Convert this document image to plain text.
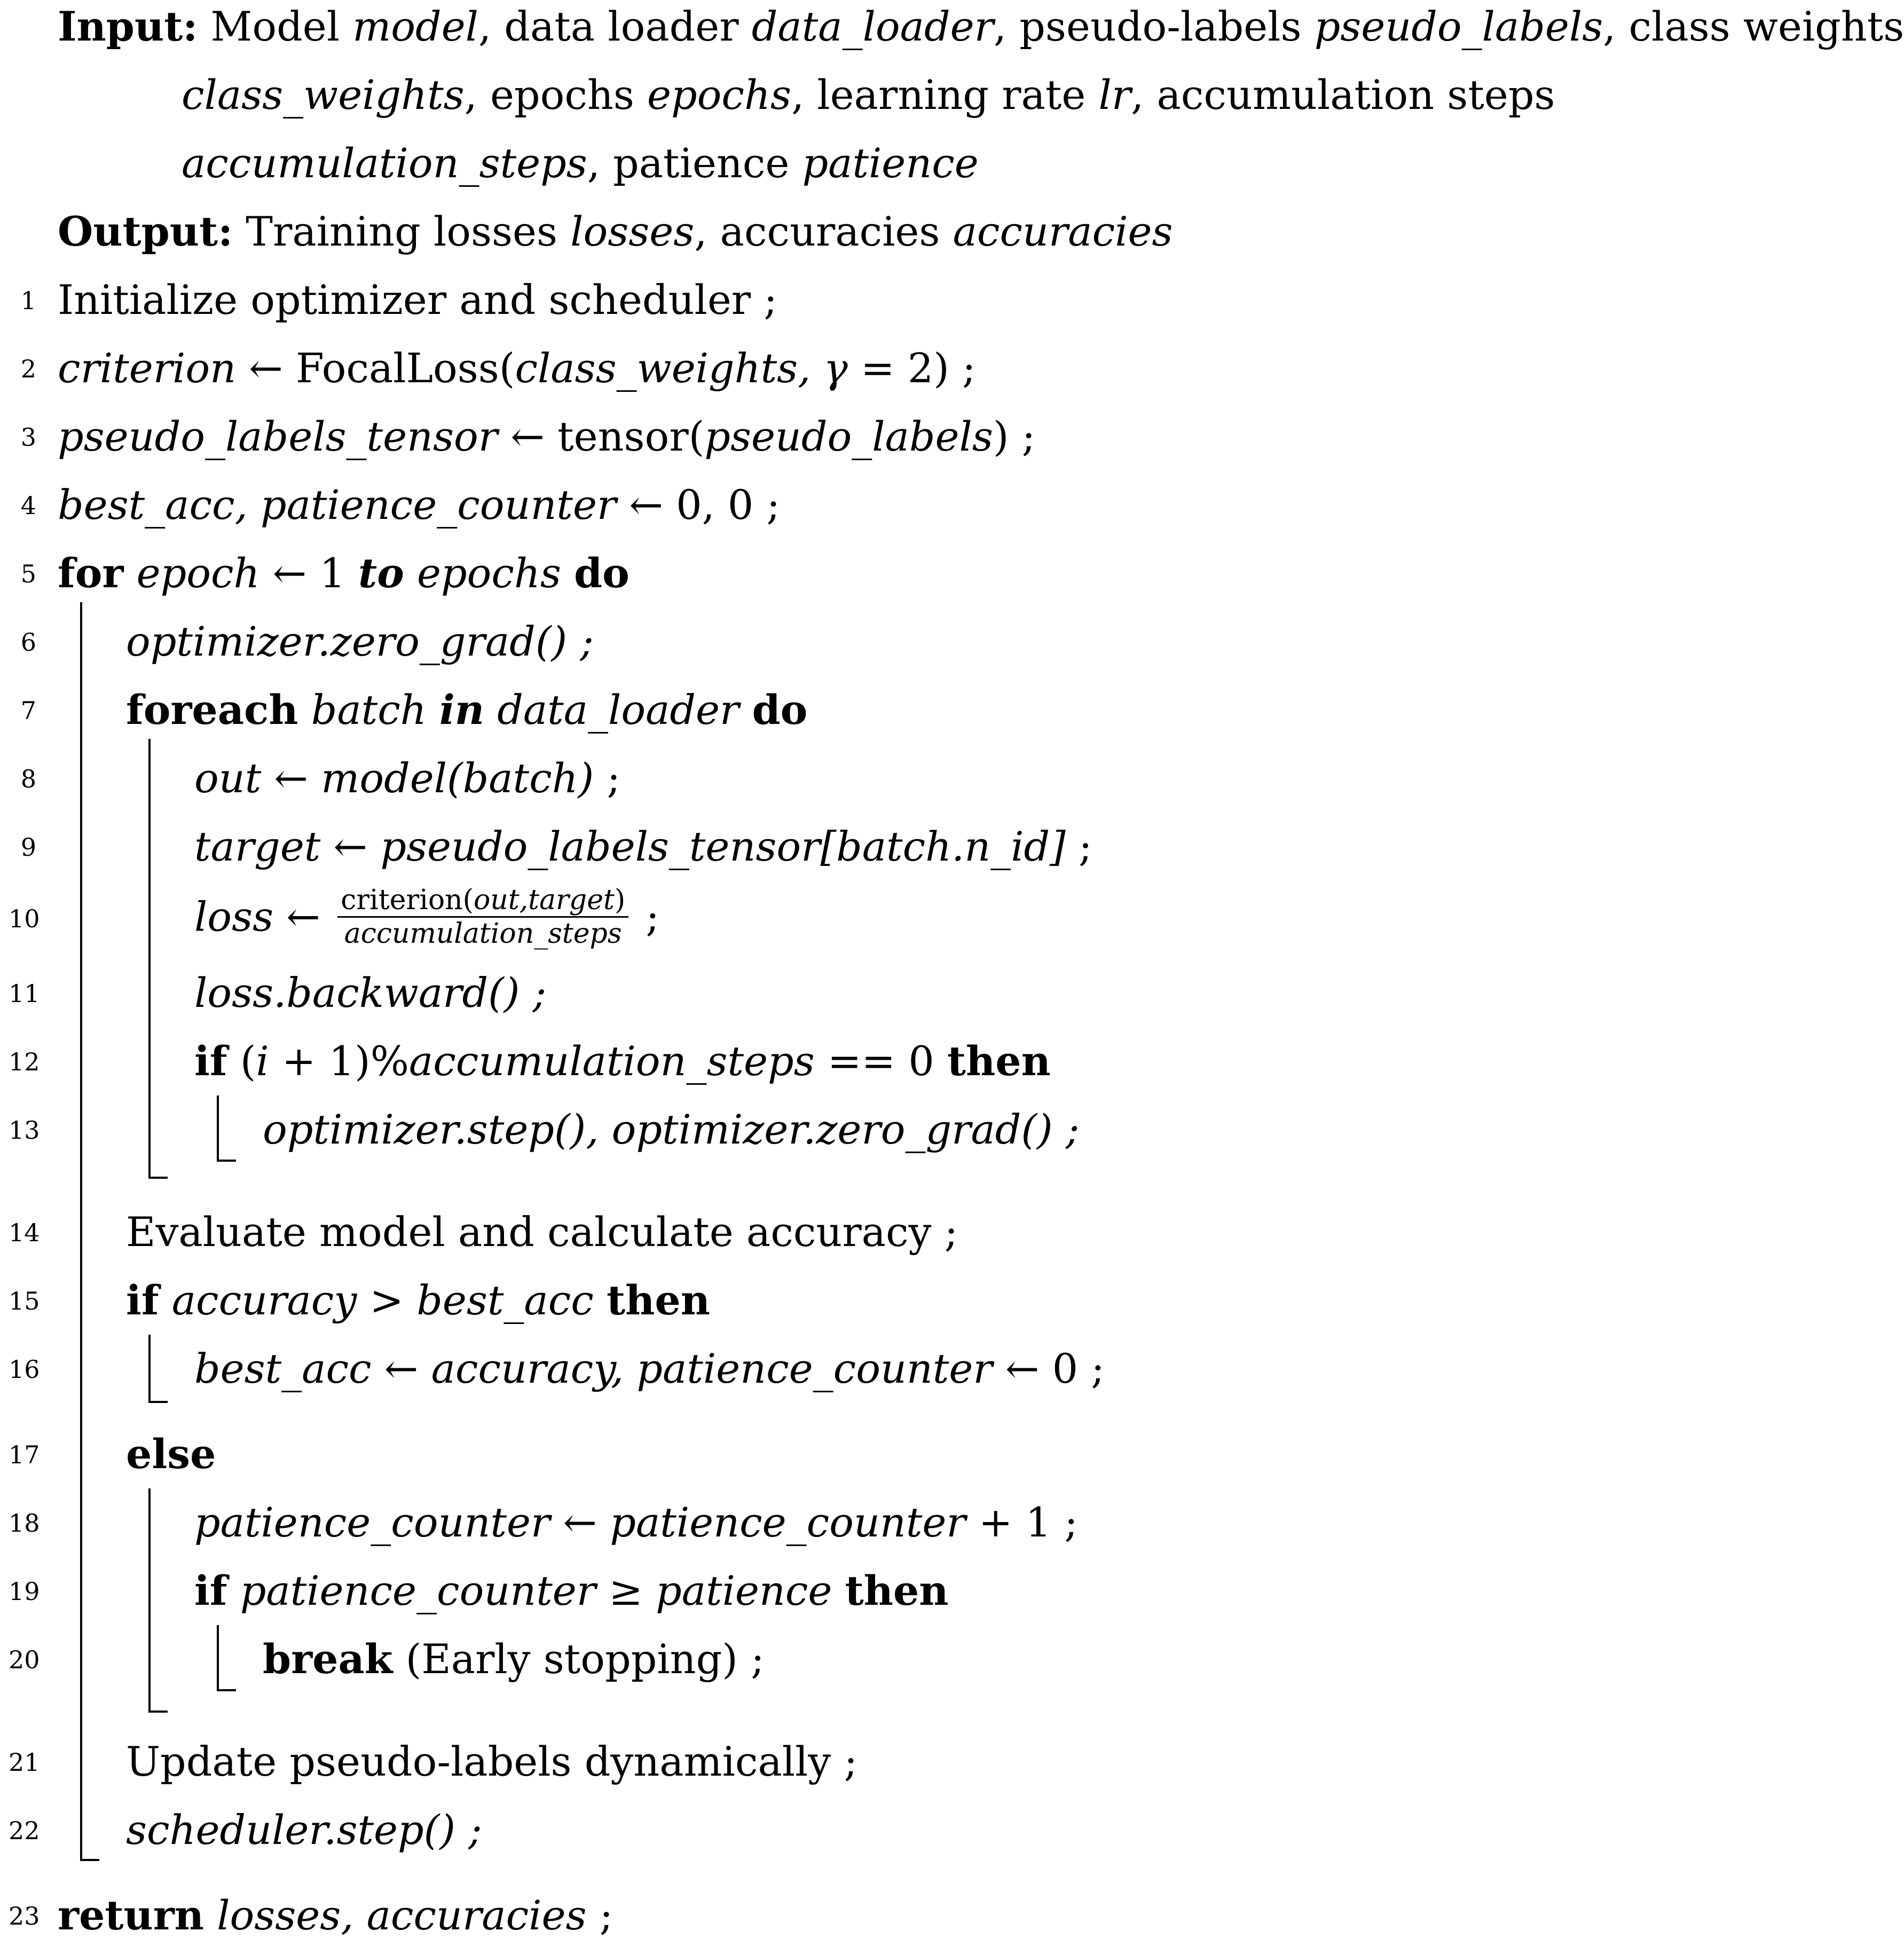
Input: Model model, data loader data_loader, pseudo-labels pseudo_labels, class weights
class_weights, epochs epochs, learning rate lr, accumulation steps
accumulation_steps, patience patience
Output: Training losses losses, accuracies accuracies
1
2
3
4
5
6
7
8
9
10
11
12
13
14
15
16
17
18
19
20
21
22
23
Initialize optimizer and scheduler ;
criterion ← FocalLoss(class_weights, γ = 2) ;
pseudo_labels_tensor ← tensor(pseudo_labels) ;
best_acc, patience_counter ← 0, 0 ;
for epoch ← 1 to epochs do
optimizer.zero_grad() ;
foreach batch in data_loader do
out ← model(batch) ;
target ← pseudo_labels_tensor[batch.n_id] ;
loss ← $\frac{\text{criterion(out,target)}}{\text{accumulation\_steps}}$ ;
loss.backward() ;
if (i + 1)%accumulation_steps == 0 then
optimizer.step(), optimizer.zero_grad() ;
Evaluate model and calculate accuracy ;
if accuracy > best_acc then
best_acc ← accuracy, patience_counter ← 0 ;
else
patience_counter ← patience_counter + 1 ;
if patience_counter ≥ patience then
break (Early stopping) ;
Update pseudo-labels dynamically ;
scheduler.step() ;
return losses, accuracies ;
